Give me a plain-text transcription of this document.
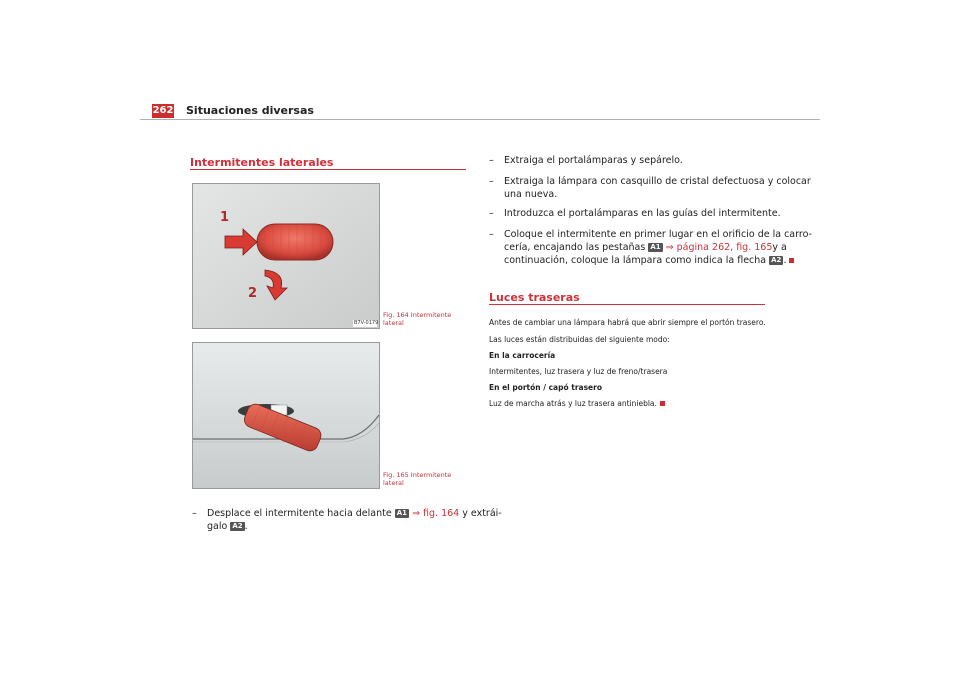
262 Situaciones diversas
Intermitentes laterales
1
2
B7V-0179
Fig. 164 Intermitente lateral
Fig. 165 Intermitente lateral
– Desplace el intermitente hacia delante A1 ⇒ fig. 164 y extrái-
galo A2 .
– Extraiga el portalámparas y sepárelo.
– Extraiga la lámpara con casquillo de cristal defectuosa y colocar
una nueva.
– Introduzca el portalámparas en las guías del intermitente.
– Coloque el intermitente en primer lugar en el orificio de la carro-
cería, encajando las pestañas A1 ⇒ página 262, fig. 165y a
continuación, coloque la lámpara como indica la flecha A2 .
Luces traseras
Antes de cambiar una lámpara habrá que abrir siempre el portón trasero.
Las luces están distribuidas del siguiente modo:
En la carrocería
Intermitentes, luz trasera y luz de freno/trasera
En el portón / capó trasero
Luz de marcha atrás y luz trasera antiniebla.
